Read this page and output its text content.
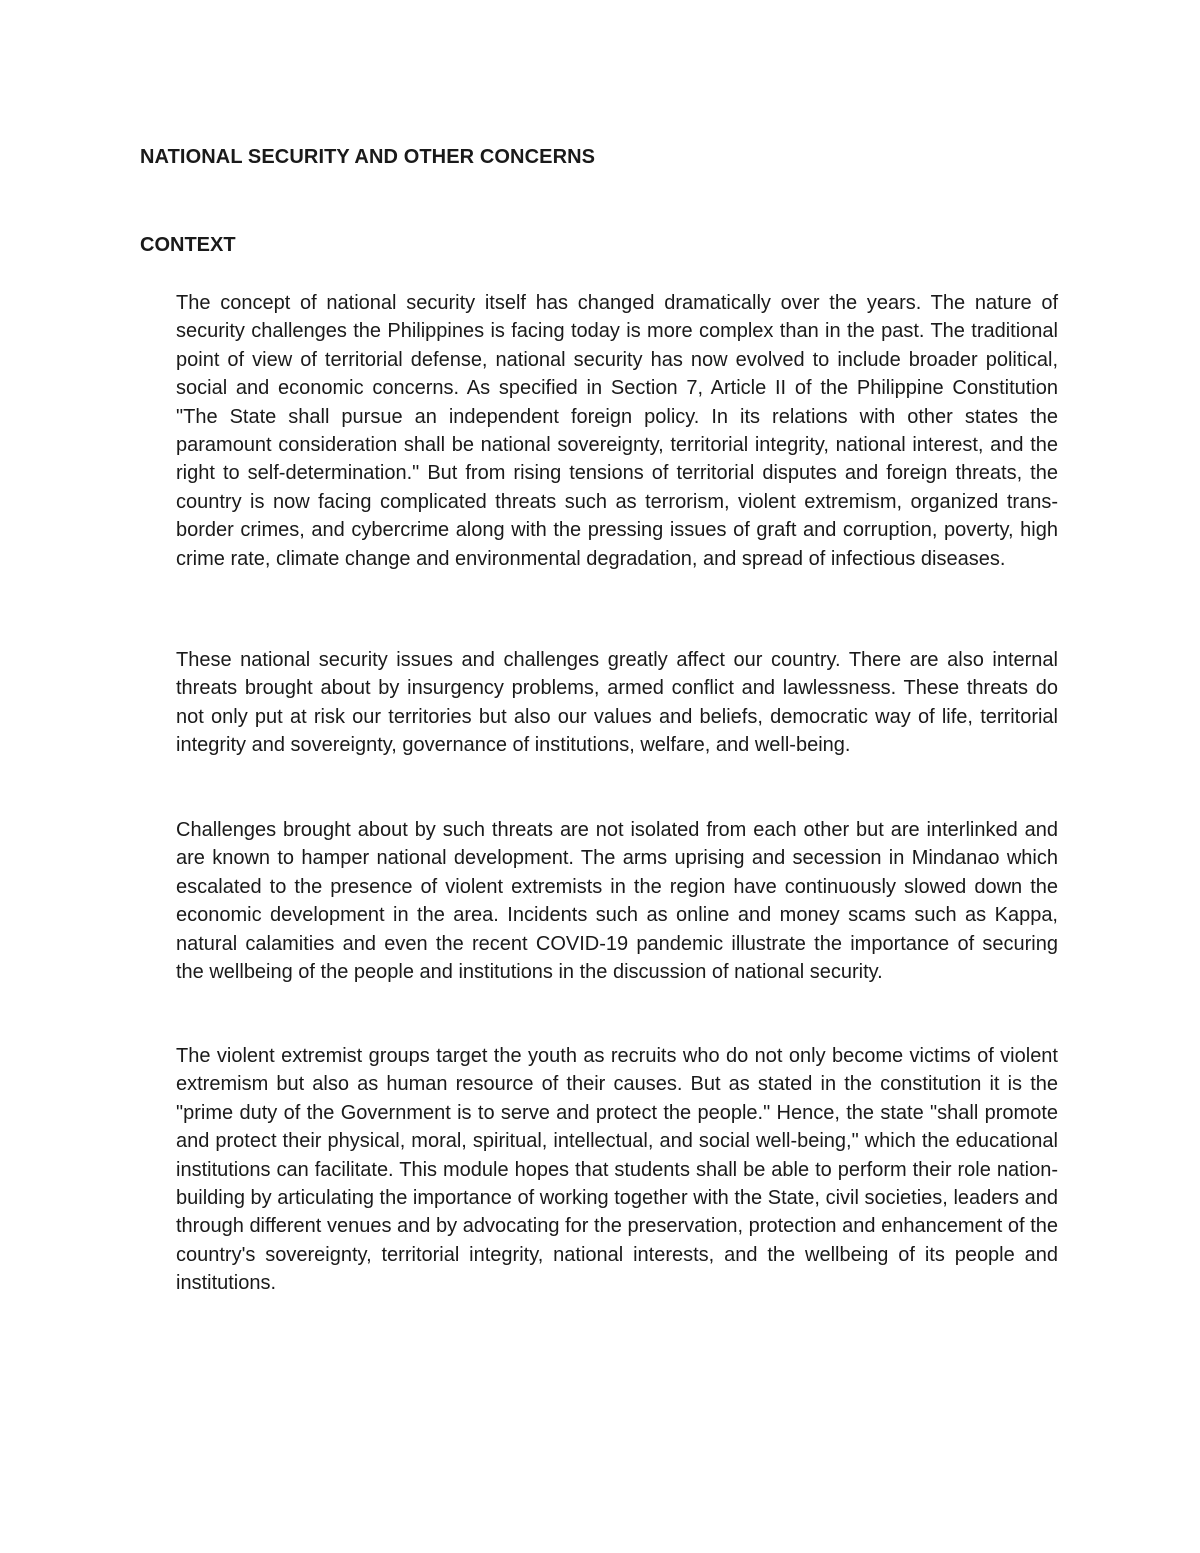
NATIONAL SECURITY AND OTHER CONCERNS
CONTEXT

The concept of national security itself has changed dramatically over the years. The nature of security challenges the Philippines is facing today is more complex than in the past. The traditional point of view of territorial defense, national security has now evolved to include broader political, social and economic concerns. As specified in Section 7, Article II of the Philippine Constitution "The State shall pursue an independent foreign policy. In its relations with other states the paramount consideration shall be national sovereignty, territorial integrity, national interest, and the right to self-determination." But from rising tensions of territorial disputes and foreign threats, the country is now facing complicated threats such as terrorism, violent extremism, organized trans-border crimes, and cybercrime along with the pressing issues of graft and corruption, poverty, high crime rate, climate change and environmental degradation, and spread of infectious diseases.

These national security issues and challenges greatly affect our country. There are also internal threats brought about by insurgency problems, armed conflict and lawlessness. These threats do not only put at risk our territories but also our values and beliefs, democratic way of life, territorial integrity and sovereignty, governance of institutions, welfare, and well-being.

Challenges brought about by such threats are not isolated from each other but are interlinked and are known to hamper national development. The arms uprising and secession in Mindanao which escalated to the presence of violent extremists in the region have continuously slowed down the economic development in the area. Incidents such as online and money scams such as Kappa, natural calamities and even the recent COVID-19 pandemic illustrate the importance of securing the wellbeing of the people and institutions in the discussion of national security.

The violent extremist groups target the youth as recruits who do not only become victims of violent extremism but also as human resource of their causes. But as stated in the constitution it is the "prime duty of the Government is to serve and protect the people." Hence, the state "shall promote and protect their physical, moral, spiritual, intellectual, and social well-being," which the educational institutions can facilitate. This module hopes that students shall be able to perform their role nation-building by articulating the importance of working together with the State, civil societies, leaders and through different venues and by advocating for the preservation, protection and enhancement of the country's sovereignty, territorial integrity, national interests, and the wellbeing of its people and institutions.
